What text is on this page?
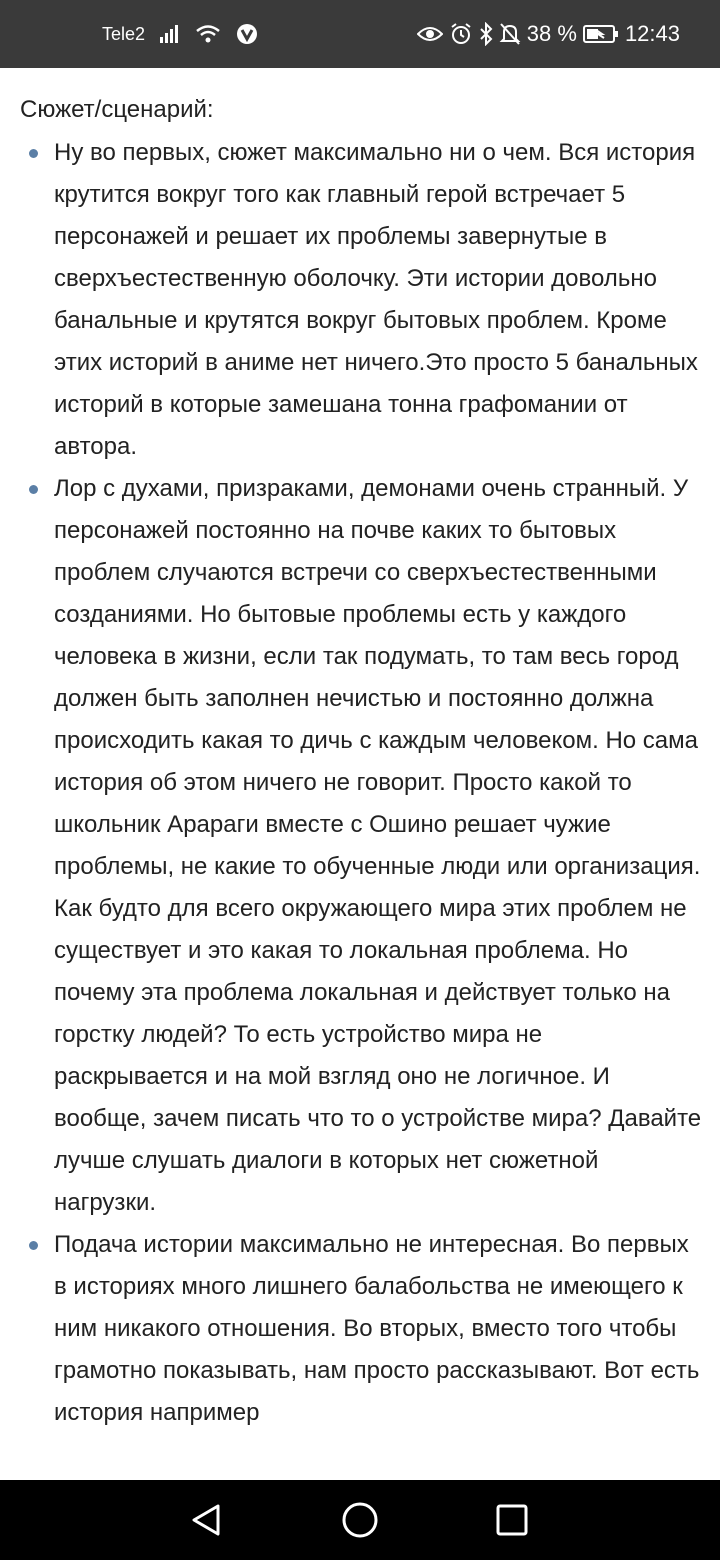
Tele2	38 % 12:43
Сюжет/сценарий:
Ну во первых, сюжет максимально ни о чем. Вся история крутится вокруг того как главный герой встречает 5 персонажей и решает их проблемы завернутые в сверхъестественную оболочку. Эти истории довольно банальные и крутятся вокруг бытовых проблем. Кроме этих историй в аниме нет ничего.Это просто 5 банальных историй в которые замешана тонна графомании от автора.
Лор с духами, призраками, демонами очень странный. У персонажей постоянно на почве каких то бытовых проблем случаются встречи со сверхъестественными созданиями. Но бытовые проблемы есть у каждого человека в жизни, если так подумать, то там весь город должен быть заполнен нечистью и постоянно должна происходить какая то дичь с каждым человеком. Но сама история об этом ничего не говорит. Просто какой то школьник Арараги вместе с Ошино решает чужие проблемы, не какие то обученные люди или организация. Как будто для всего окружающего мира этих проблем не существует и это какая то локальная проблема. Но почему эта проблема локальная и действует только на горстку людей? То есть устройство мира не раскрывается и на мой взгляд оно не логичное. И вообще, зачем писать что то о устройстве мира? Давайте лучше слушать диалоги в которых нет сюжетной нагрузки.
Подача истории максимально не интересная. Во первых в историях много лишнего балабольства не имеющего к ним никакого отношения. Во вторых, вместо того чтобы грамотно показывать, нам просто рассказывают. Вот есть история например
